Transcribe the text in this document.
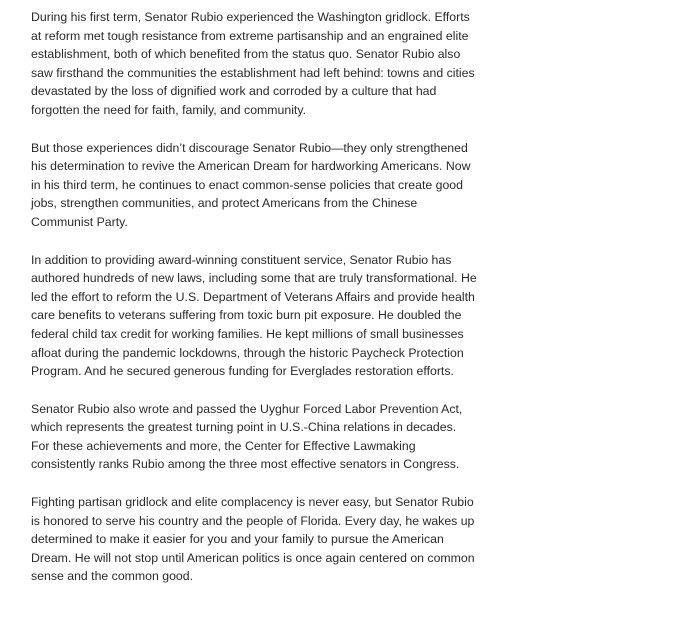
During his first term, Senator Rubio experienced the Washington gridlock. Efforts
at reform met tough resistance from extreme partisanship and an engrained elite
establishment, both of which benefited from the status quo. Senator Rubio also
saw firsthand the communities the establishment had left behind: towns and cities
devastated by the loss of dignified work and corroded by a culture that had
forgotten the need for faith, family, and community.

But those experiences didn’t discourage Senator Rubio—they only strengthened
his determination to revive the American Dream for hardworking Americans. Now
in his third term, he continues to enact common-sense policies that create good
jobs, strengthen communities, and protect Americans from the Chinese
Communist Party.

In addition to providing award-winning constituent service, Senator Rubio has
authored hundreds of new laws, including some that are truly transformational. He
led the effort to reform the U.S. Department of Veterans Affairs and provide health
care benefits to veterans suffering from toxic burn pit exposure. He doubled the
federal child tax credit for working families. He kept millions of small businesses
afloat during the pandemic lockdowns, through the historic Paycheck Protection
Program. And he secured generous funding for Everglades restoration efforts.

Senator Rubio also wrote and passed the Uyghur Forced Labor Prevention Act,
which represents the greatest turning point in U.S.-China relations in decades.
For these achievements and more, the Center for Effective Lawmaking
consistently ranks Rubio among the three most effective senators in Congress.

Fighting partisan gridlock and elite complacency is never easy, but Senator Rubio
is honored to serve his country and the people of Florida. Every day, he wakes up
determined to make it easier for you and your family to pursue the American
Dream. He will not stop until American politics is once again centered on common
sense and the common good.
